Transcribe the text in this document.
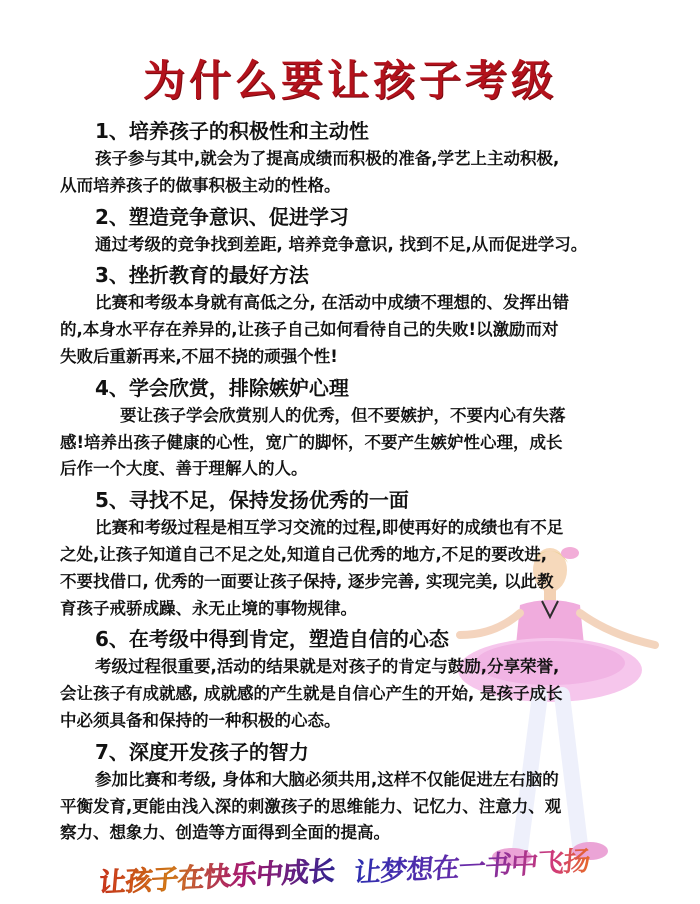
为什么要让孩子考级
1、培养孩子的积极性和主动性
孩子参与其中,就会为了提高成绩而积极的准备,学艺上主动积极,
从而培养孩子的做事积极主动的性格。
2、塑造竞争意识、促进学习
通过考级的竞争找到差距, 培养竞争意识, 找到不足,从而促进学习。
3、挫折教育的最好方法
比赛和考级本身就有高低之分, 在活动中成绩不理想的、发挥出错
的,本身水平存在养异的,让孩子自己如何看待自己的失败!以激励而对
失败后重新再来,不屈不挠的顽强个性!
4、学会欣赏，排除嫉妒心理
要让孩子学会欣赏别人的优秀，但不要嫉护，不要内心有失落
感!培养出孩子健康的心性，宽广的脚怀，不要产生嫉妒性心理，成长
后作一个大度、善于理解人的人。
5、寻找不足，保持发扬优秀的一面
比赛和考级过程是相互学习交流的过程,即使再好的成绩也有不足
之处,让孩子知道自己不足之处,知道自己优秀的地方,不足的要改进,
不要找借口, 优秀的一面要让孩子保持, 逐步完善, 实现完美, 以此教
育孩子戒骄成躁、永无止境的事物规律。
6、在考级中得到肯定，塑造自信的心态
考级过程很重要,活动的结果就是对孩子的肯定与鼓励,分享荣誉,
会让孩子有成就感, 成就感的产生就是自信心产生的开始, 是孩子成长
中必须具备和保持的一种积极的心态。
7、深度开发孩子的智力
参加比赛和考级, 身体和大脑必须共用,这样不仅能促进左右脑的
平衡发育,更能由浅入深的刺激孩子的思维能力、记忆力、注意力、观
察力、想象力、创造等方面得到全面的提高。
让孩子在快乐中成长 让梦想在一书中飞扬
